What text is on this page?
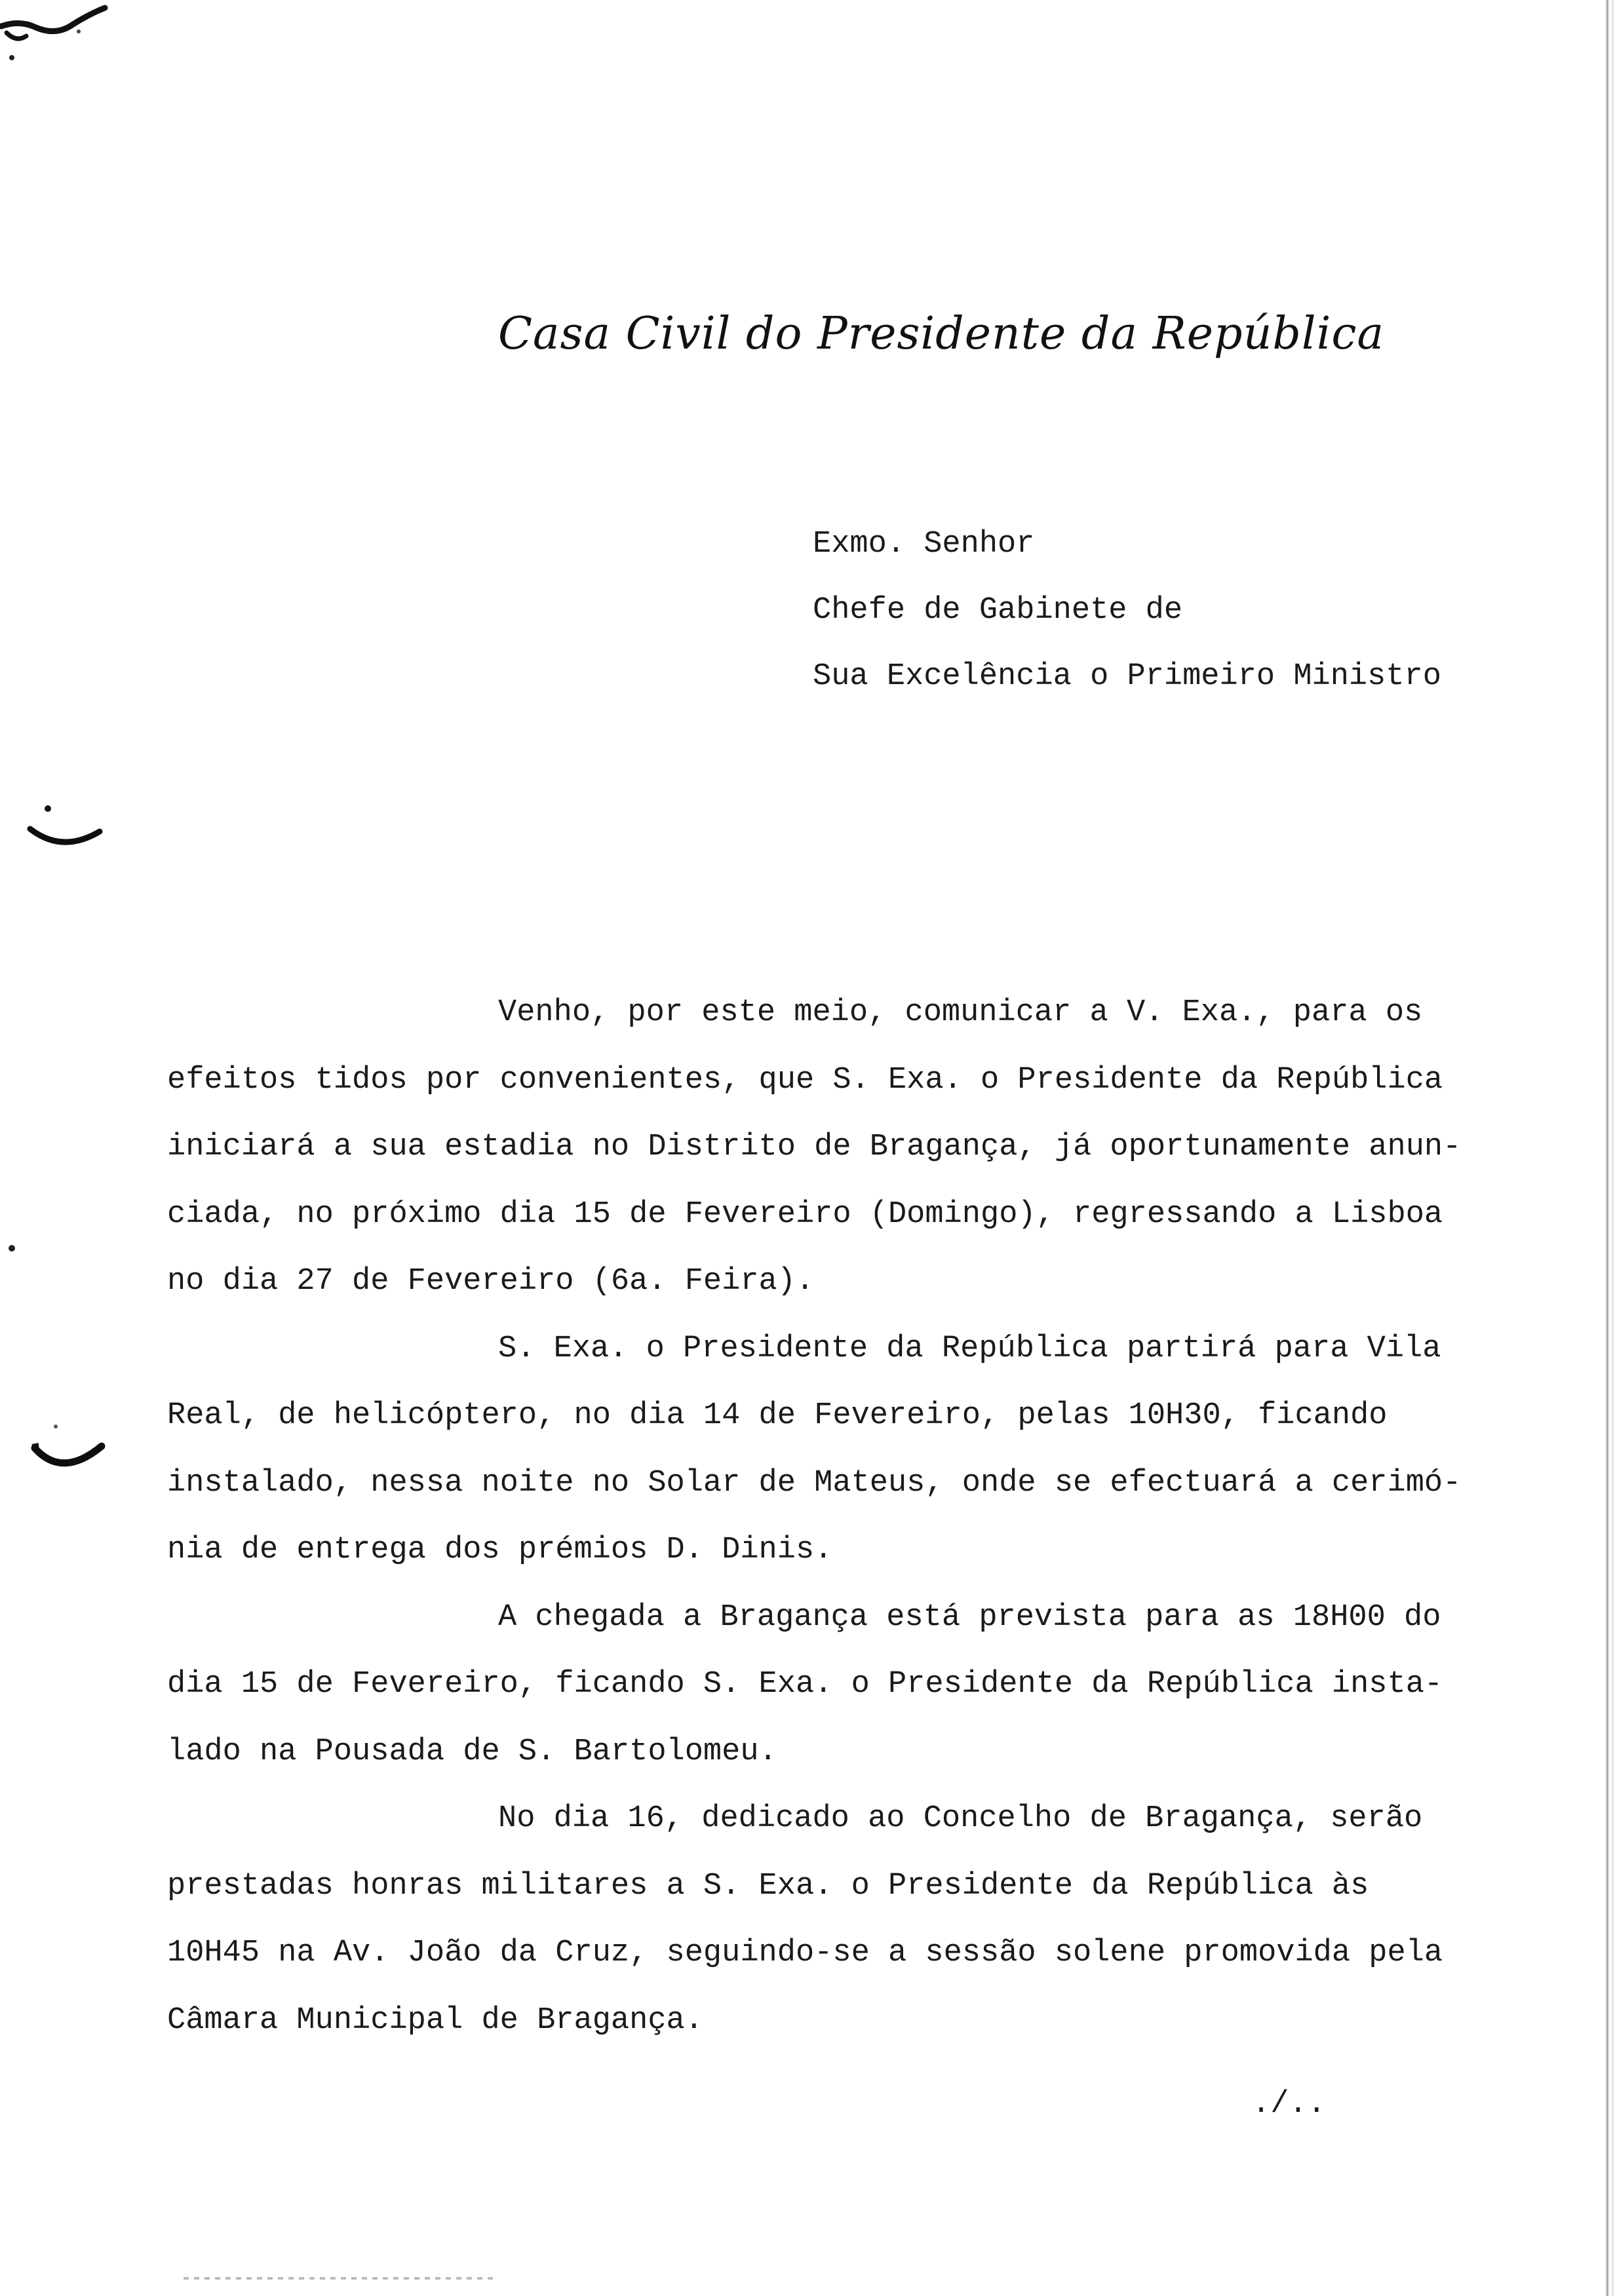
Casa Civil do Presidente da República
Exmo. Senhor
Chefe de Gabinete de
Sua Excelência o Primeiro Ministro
Venho, por este meio, comunicar a V. Exa., para os
efeitos tidos por convenientes, que S. Exa. o Presidente da República
iniciará a sua estadia no Distrito de Bragança, já oportunamente anun-
ciada, no próximo dia 15 de Fevereiro (Domingo), regressando a Lisboa
no dia 27 de Fevereiro (6a. Feira).
S. Exa. o Presidente da República partirá para Vila
Real, de helicóptero, no dia 14 de Fevereiro, pelas 10H30, ficando
instalado, nessa noite no Solar de Mateus, onde se efectuará a cerimó-
nia de entrega dos prémios D. Dinis.
A chegada a Bragança está prevista para as 18H00 do
dia 15 de Fevereiro, ficando S. Exa. o Presidente da República insta-
lado na Pousada de S. Bartolomeu.
No dia 16, dedicado ao Concelho de Bragança, serão
prestadas honras militares a S. Exa. o Presidente da República às
10H45 na Av. João da Cruz, seguindo-se a sessão solene promovida pela
Câmara Municipal de Bragança.
./..
